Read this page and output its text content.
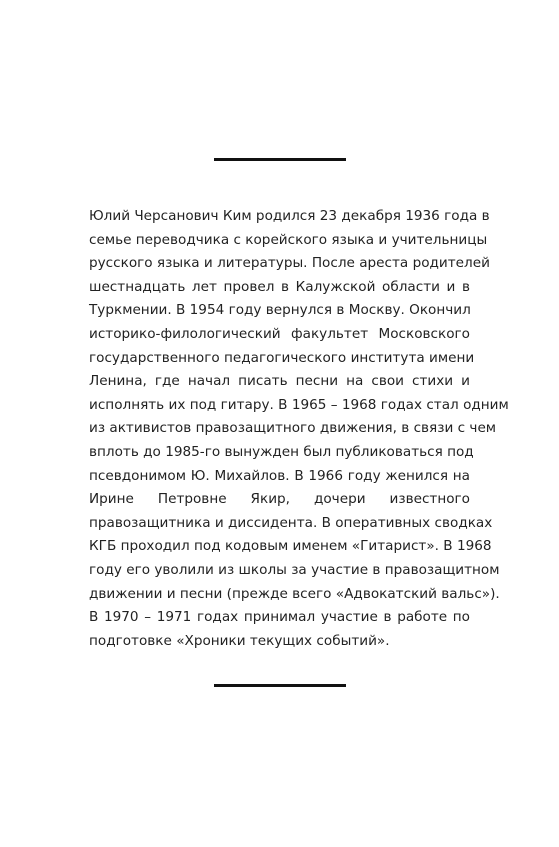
Юлий Черсанович Ким родился 23 декабря 1936 года в
семье переводчика с корейского языка и учительницы
русского языка и литературы. После ареста родителей
шестнадцать лет провел в Калужской области и в
Туркмении. В 1954 году вернулся в Москву. Окончил
историко-филологический факультет Московского
государственного педагогического института имени
Ленина, где начал писать песни на свои стихи и
исполнять их под гитару. В 1965 – 1968 годах стал одним
из активистов правозащитного движения, в связи с чем
вплоть до 1985-го вынужден был публиковаться под
псевдонимом Ю. Михайлов. В 1966 году женился на
Ирине Петровне Якир, дочери известного
правозащитника и диссидента. В оперативных сводках
КГБ проходил под кодовым именем «Гитарист». В 1968
году его уволили из школы за участие в правозащитном
движении и песни (прежде всего «Адвокатский вальс»).
В 1970 – 1971 годах принимал участие в работе по
подготовке «Хроники текущих событий».
